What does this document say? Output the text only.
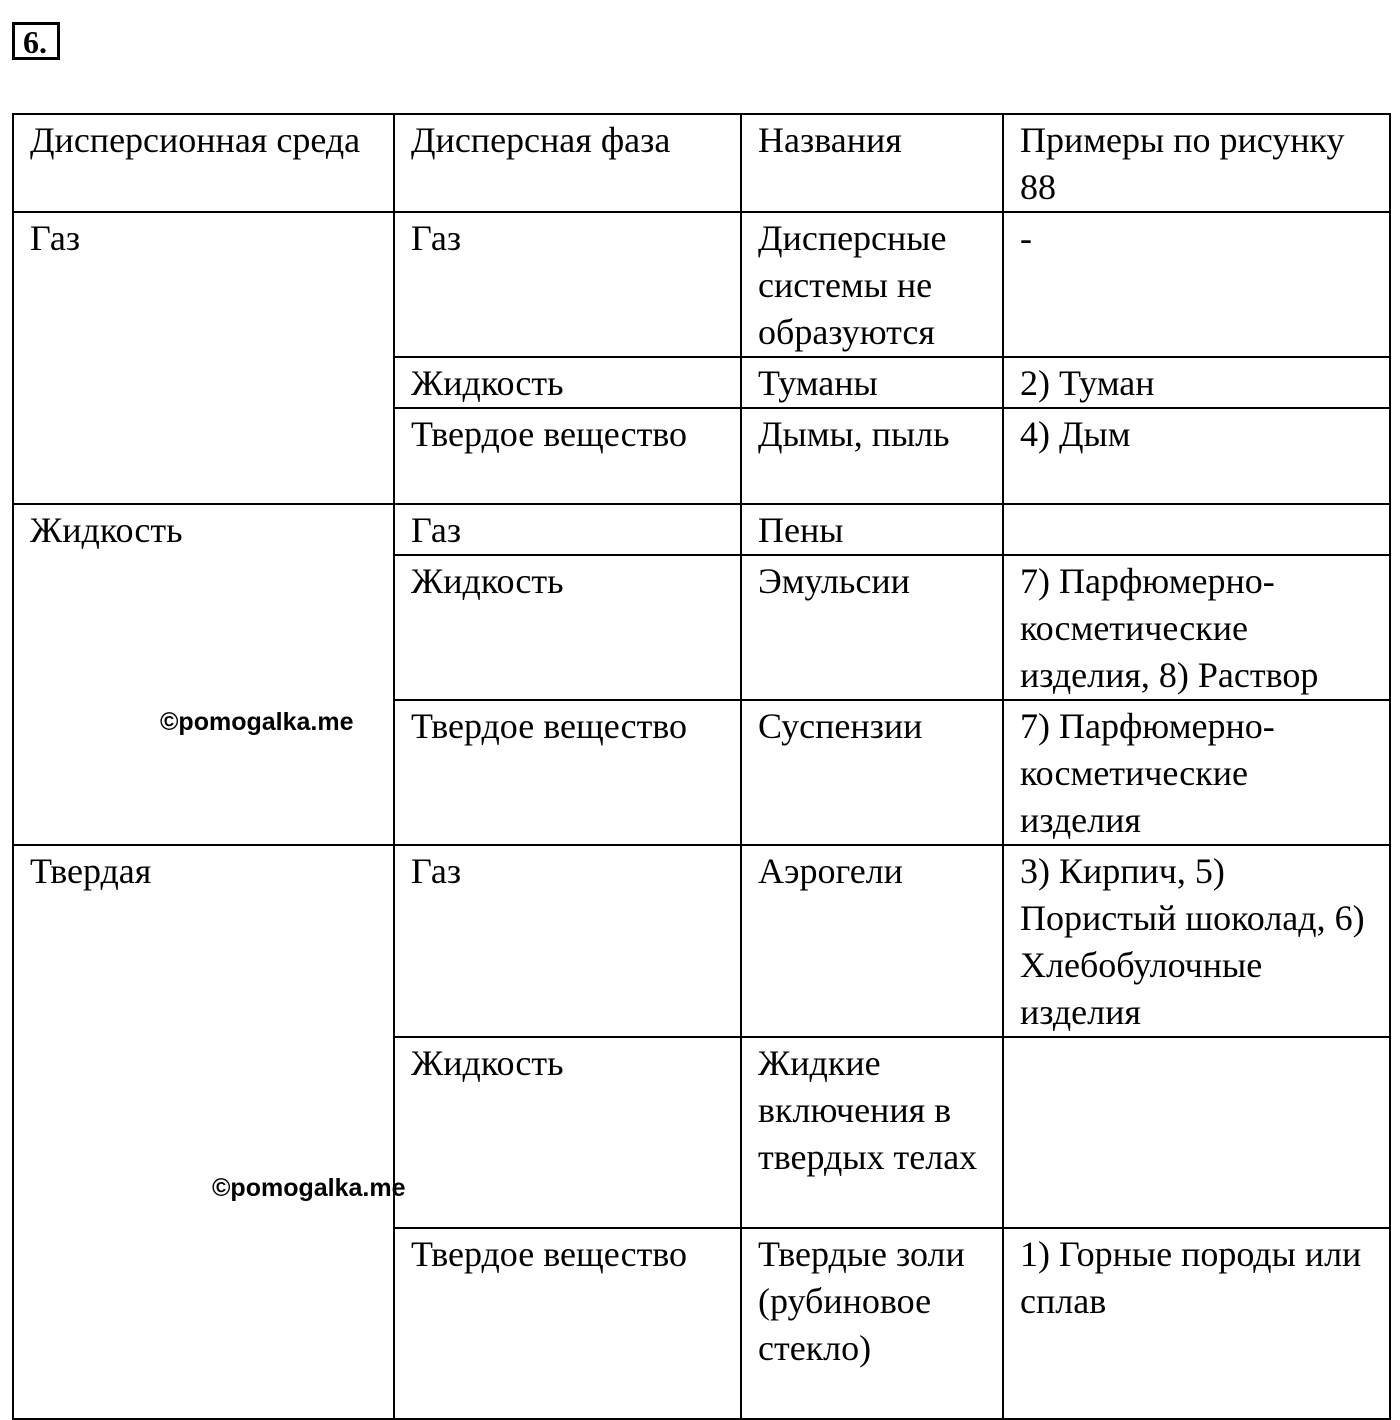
6.
Дисперсионная среда	Дисперсная фаза	Названия	Примеры по рисунку 88
Газ	Газ	Дисперсные системы не образуются	-
	Жидкость	Туманы	2) Туман
	Твердое вещество	Дымы, пыль	4) Дым
Жидкость	Газ	Пены	
	Жидкость	Эмульсии	7) Парфюмерно-косметические изделия, 8) Раствор
	Твердое вещество	Суспензии	7) Парфюмерно-косметические изделия
Твердая	Газ	Аэрогели	3) Кирпич, 5) Пористый шоколад, 6) Хлебобулочные изделия
	Жидкость	Жидкие включения в твердых телах	
	Твердое вещество	Твердые золи (рубиновое стекло)	1) Горные породы или сплав
©pomogalka.me
©pomogalka.me
